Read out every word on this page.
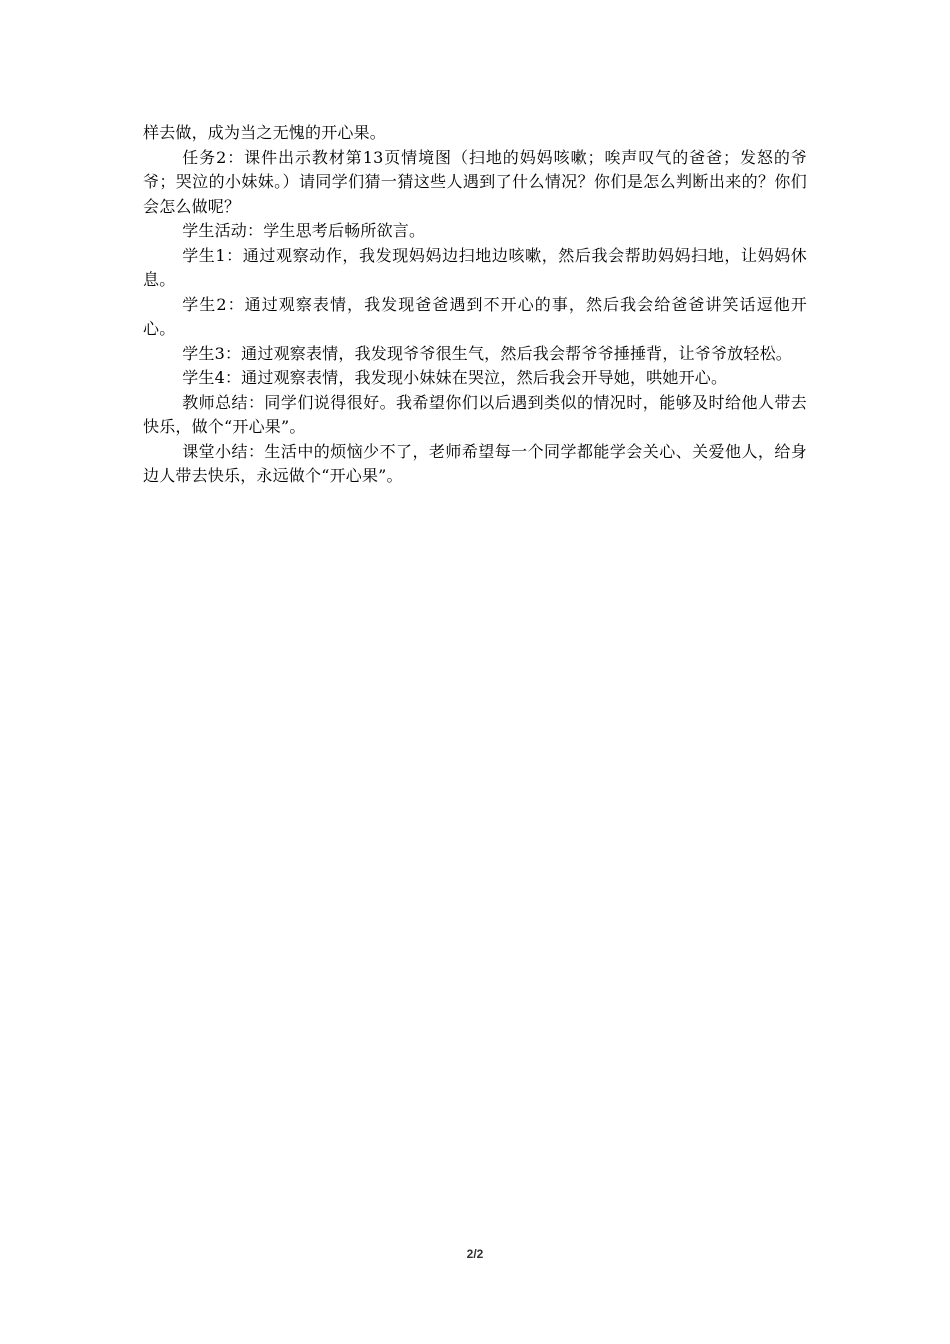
样去做，成为当之无愧的开心果。

任务2：课件出示教材第13页情境图（扫地的妈妈咳嗽；唉声叹气的爸爸；发怒的爷爷；哭泣的小妹妹。）请同学们猜一猜这些人遇到了什么情况？你们是怎么判断出来的？你们会怎么做呢？

学生活动：学生思考后畅所欲言。

学生1：通过观察动作，我发现妈妈边扫地边咳嗽，然后我会帮助妈妈扫地，让妈妈休息。

学生2：通过观察表情，我发现爸爸遇到不开心的事，然后我会给爸爸讲笑话逗他开心。

学生3：通过观察表情，我发现爷爷很生气，然后我会帮爷爷捶捶背，让爷爷放轻松。

学生4：通过观察表情，我发现小妹妹在哭泣，然后我会开导她，哄她开心。

教师总结：同学们说得很好。我希望你们以后遇到类似的情况时，能够及时给他人带去快乐，做个“开心果”。

课堂小结：生活中的烦恼少不了，老师希望每一个同学都能学会关心、关爱他人，给身边人带去快乐，永远做个“开心果”。

2/2
